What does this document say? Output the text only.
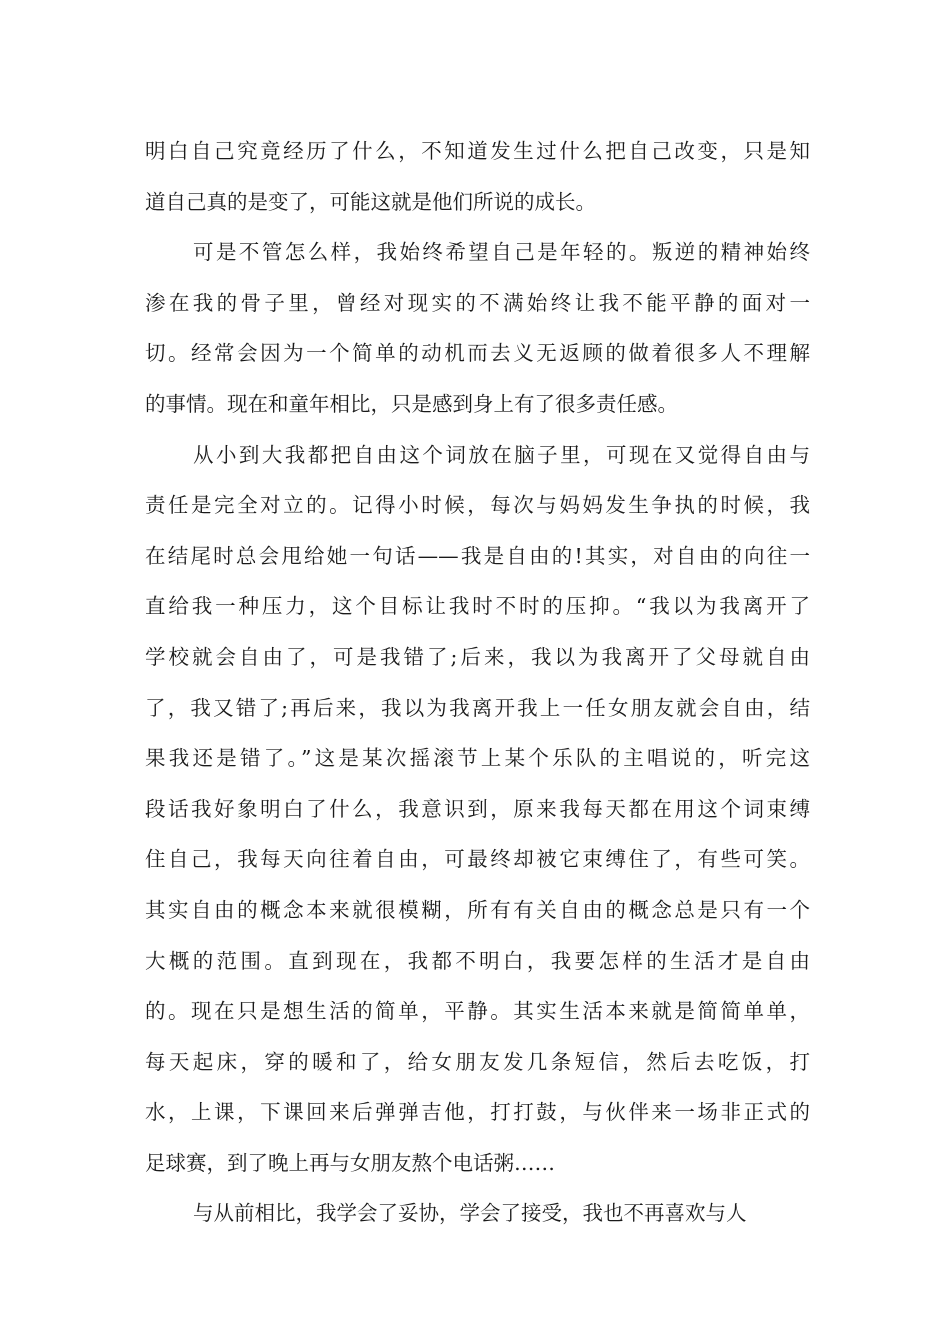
明白自己究竟经历了什么，不知道发生过什么把自己改变，只是知
道自己真的是变了，可能这就是他们所说的成长。
可是不管怎么样，我始终希望自己是年轻的。叛逆的精神始终
渗在我的骨子里，曾经对现实的不满始终让我不能平静的面对一
切。经常会因为一个简单的动机而去义无返顾的做着很多人不理解
的事情。现在和童年相比，只是感到身上有了很多责任感。
从小到大我都把自由这个词放在脑子里，可现在又觉得自由与
责任是完全对立的。记得小时候，每次与妈妈发生争执的时候，我
在结尾时总会甩给她一句话——我是自由的!其实，对自由的向往一
直给我一种压力，这个目标让我时不时的压抑。“我以为我离开了
学校就会自由了，可是我错了;后来，我以为我离开了父母就自由
了，我又错了;再后来，我以为我离开我上一任女朋友就会自由，结
果我还是错了。”这是某次摇滚节上某个乐队的主唱说的，听完这
段话我好象明白了什么，我意识到，原来我每天都在用这个词束缚
住自己，我每天向往着自由，可最终却被它束缚住了，有些可笑。
其实自由的概念本来就很模糊，所有有关自由的概念总是只有一个
大概的范围。直到现在，我都不明白，我要怎样的生活才是自由
的。现在只是想生活的简单，平静。其实生活本来就是简简单单，
每天起床，穿的暖和了，给女朋友发几条短信，然后去吃饭，打
水，上课，下课回来后弹弹吉他，打打鼓，与伙伴来一场非正式的
足球赛，到了晚上再与女朋友熬个电话粥……
与从前相比，我学会了妥协，学会了接受，我也不再喜欢与人
